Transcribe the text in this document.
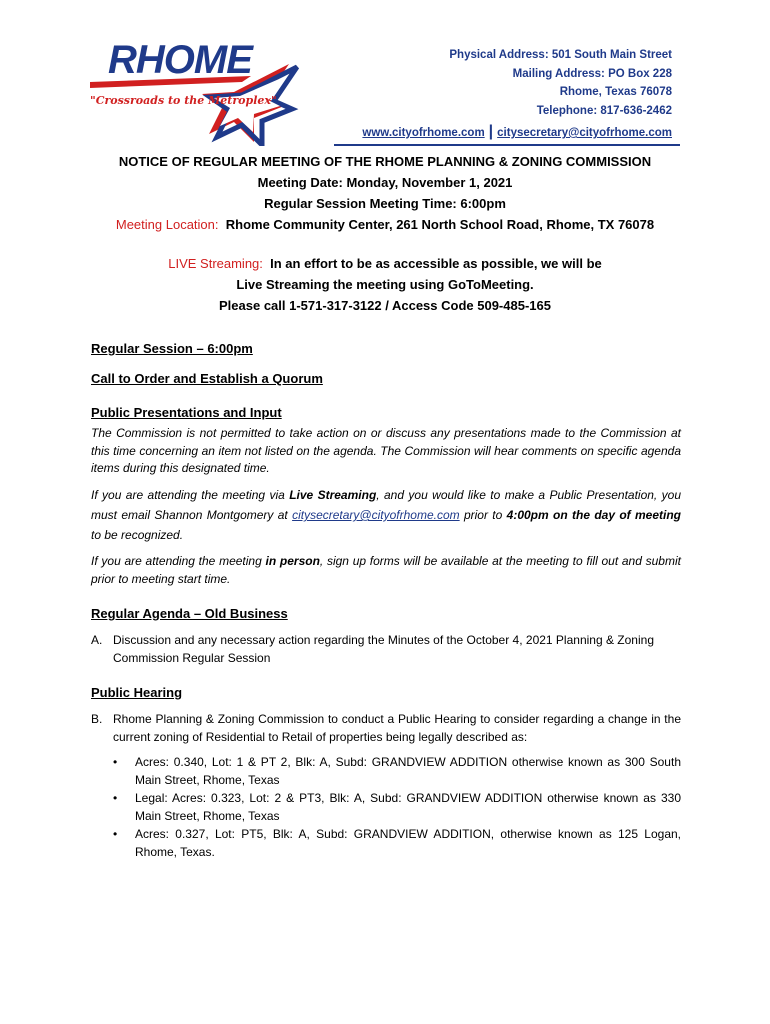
RHOME
"Crossroads to the Metroplex"
Physical Address: 501 South Main Street
Mailing Address: PO Box 228
Rhome, Texas 76078
Telephone: 817-636-2462
www.cityofrhome.com | citysecretary@cityofrhome.com
NOTICE OF REGULAR MEETING OF THE RHOME PLANNING & ZONING COMMISSION
Meeting Date: Monday, November 1, 2021
Regular Session Meeting Time: 6:00pm
Meeting Location: Rhome Community Center, 261 North School Road, Rhome, TX 76078
LIVE Streaming: In an effort to be as accessible as possible, we will be
Live Streaming the meeting using GoToMeeting.
Please call 1-571-317-3122 / Access Code 509-485-165
Regular Session – 6:00pm
Call to Order and Establish a Quorum
Public Presentations and Input
The Commission is not permitted to take action on or discuss any presentations made to the Commission at this time concerning an item not listed on the agenda. The Commission will hear comments on specific agenda items during this designated time.
If you are attending the meeting via Live Streaming, and you would like to make a Public Presentation, you must email Shannon Montgomery at citysecretary@cityofrhome.com prior to 4:00pm on the day of meeting to be recognized.
If you are attending the meeting in person, sign up forms will be available at the meeting to fill out and submit prior to meeting start time.
Regular Agenda – Old Business
A. Discussion and any necessary action regarding the Minutes of the October 4, 2021 Planning & Zoning Commission Regular Session
Public Hearing
B. Rhome Planning & Zoning Commission to conduct a Public Hearing to consider regarding a change in the current zoning of Residential to Retail of properties being legally described as:
• Acres: 0.340, Lot: 1 & PT 2, Blk: A, Subd: GRANDVIEW ADDITION otherwise known as 300 South Main Street, Rhome, Texas
• Legal: Acres: 0.323, Lot: 2 & PT3, Blk: A, Subd: GRANDVIEW ADDITION otherwise known as 330 Main Street, Rhome, Texas
• Acres: 0.327, Lot: PT5, Blk: A, Subd: GRANDVIEW ADDITION, otherwise known as 125 Logan, Rhome, Texas.
